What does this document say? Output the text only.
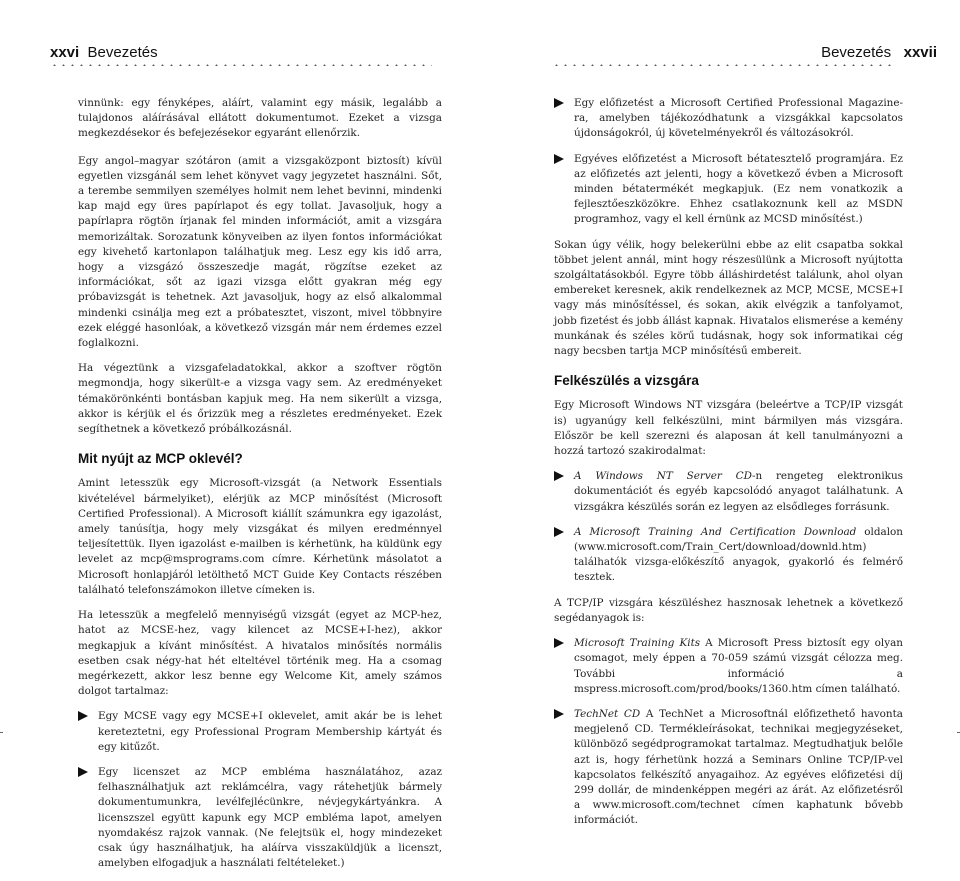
xxvi Bevezetés

vinnünk: egy fényképes, aláírt, valamint egy másik, legalább a tulajdonos aláírásával ellátott dokumentumot. Ezeket a vizsga megkezdésekor és befejezésekor egyaránt ellenőrzik.

Egy angol–magyar szótáron (amit a vizsgaközpont biztosít) kívül egyetlen vizsgánál sem lehet könyvet vagy jegyzetet használni. Sőt, a terembe semmilyen személyes holmit nem lehet bevinni, mindenki kap majd egy üres papírlapot és egy tollat. Javasoljuk, hogy a papírlapra rögtön írjanak fel minden információt, amit a vizsgára memorizáltak. Sorozatunk könyveiben az ilyen fontos információkat egy kivehető kartonlapon találhatjuk meg. Lesz egy kis idő arra, hogy a vizsgázó összeszedje magát, rögzítse ezeket az információkat, sőt az igazi vizsga előtt gyakran még egy próbavizsgát is tehetnek. Azt javasoljuk, hogy az első alkalommal mindenki csinálja meg ezt a próbatesztet, viszont, mivel többnyire ezek eléggé hasonlóak, a következő vizsgán már nem érdemes ezzel foglalkozni.

Ha végeztünk a vizsgafeladatokkal, akkor a szoftver rögtön megmondja, hogy sikerült-e a vizsga vagy sem. Az eredményeket témakörönkénti bontásban kapjuk meg. Ha nem sikerült a vizsga, akkor is kérjük el és őrizzük meg a részletes eredményeket. Ezek segíthetnek a következő próbálkozásnál.

Mit nyújt az MCP oklevél?

Amint letesszük egy Microsoft-vizsgát (a Network Essentials kivételével bármelyiket), elérjük az MCP minősítést (Microsoft Certified Professional). A Microsoft kiállít számunkra egy igazolást, amely tanúsítja, hogy mely vizsgákat és milyen eredménnyel teljesítettük. Ilyen igazolást e-mailben is kérhetünk, ha küldünk egy levelet az mcp@msprograms.com címre. Kérhetünk másolatot a Microsoft honlapjáról letölthető MCT Guide Key Contacts részében található telefonszámokon illetve címeken is.

Ha letesszük a megfelelő mennyiségű vizsgát (egyet az MCP-hez, hatot az MCSE-hez, vagy kilencet az MCSE+I-hez), akkor megkapjuk a kívánt minősítést. A hivatalos minősítés normális esetben csak négy-hat hét elteltével történik meg. Ha a csomag megérkezett, akkor lesz benne egy Welcome Kit, amely számos dolgot tartalmaz:

Egy MCSE vagy egy MCSE+I oklevelet, amit akár be is lehet kereteztetni, egy Professional Program Membership kártyát és egy kitűzőt.
Egy licenszet az MCP embléma használatához, azaz felhasználhatjuk azt reklámcélra, vagy rátehetjük bármely dokumentumunkra, levélfejlécünkre, névjegykártyánkra. A licenszszel együtt kapunk egy MCP embléma lapot, amelyen nyomdakész rajzok vannak. (Ne felejtsük el, hogy mindezeket csak úgy használhatjuk, ha aláírva visszaküldjük a licenszt, amelyben elfogadjuk a használati feltételeket.)
Bevezetés xxvii
Egy előfizetést a Microsoft Certified Professional Magazine-ra, amelyben tájékozódhatunk a vizsgákkal kapcsolatos újdonságokról, új követelményekről és változásokról.
Egyéves előfizetést a Microsoft bétatesztelő programjára. Ez az előfizetés azt jelenti, hogy a következő évben a Microsoft minden bétatermékét megkapjuk. (Ez nem vonatkozik a fejlesztőeszközökre. Ehhez csatlakoznunk kell az MSDN programhoz, vagy el kell érnünk az MCSD minősítést.)

Sokan úgy vélik, hogy belekerülni ebbe az elit csapatba sokkal többet jelent annál, mint hogy részesülünk a Microsoft nyújtotta szolgáltatásokból. Egyre több álláshirdetést találunk, ahol olyan embereket keresnek, akik rendelkeznek az MCP, MCSE, MCSE+I vagy más minősítéssel, és sokan, akik elvégzik a tanfolyamot, jobb fizetést és jobb állást kapnak. Hivatalos elismerése a kemény munkának és széles körű tudásnak, hogy sok informatikai cég nagy becsben tartja MCP minősítésű embereit.

Felkészülés a vizsgára

Egy Microsoft Windows NT vizsgára (beleértve a TCP/IP vizsgát is) ugyanúgy kell felkészülni, mint bármilyen más vizsgára. Először be kell szerezni és alaposan át kell tanulmányozni a hozzá tartozó szakirodalmat:

A Windows NT Server CD-n rengeteg elektronikus dokumentációt és egyéb kapcsolódó anyagot találhatunk. A vizsgákra készülés során ez legyen az elsődleges forrásunk.
A Microsoft Training And Certification Download oldalon (www.microsoft.com/Train_Cert/download/downld.htm) találhatók vizsga-előkészítő anyagok, gyakorló és felmérő tesztek.

A TCP/IP vizsgára készüléshez hasznosak lehetnek a következő segédanyagok is:

Microsoft Training Kits A Microsoft Press biztosít egy olyan csomagot, mely éppen a 70-059 számú vizsgát célozza meg. További információ a mspress.microsoft.com/prod/books/1360.htm címen található.
TechNet CD A TechNet a Microsoftnál előfizethető havonta megjelenő CD. Termékleírásokat, technikai megjegyzéseket, különböző segédprogramokat tartalmaz. Megtudhatjuk belőle azt is, hogy férhetünk hozzá a Seminars Online TCP/IP-vel kapcsolatos felkészítő anyagaihoz. Az egyéves előfizetési díj 299 dollár, de mindenképpen megéri az árát. Az előfizetésről a www.microsoft.com/technet címen kaphatunk bővebb információt.
